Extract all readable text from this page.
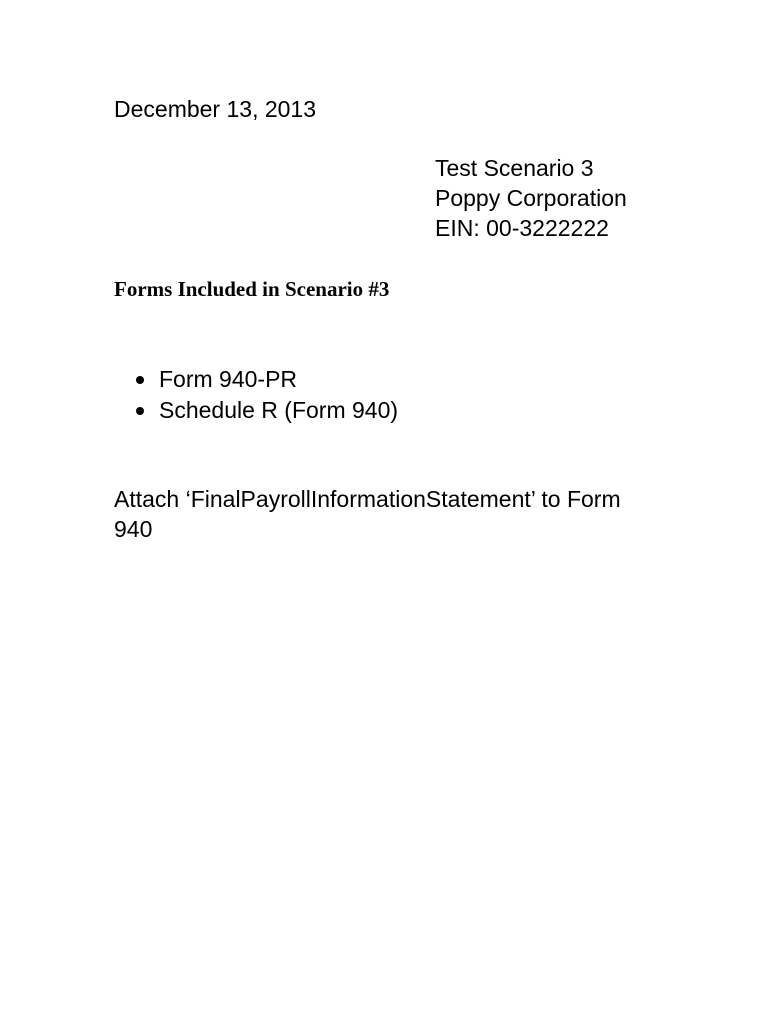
December 13, 2013
Test Scenario 3
Poppy Corporation
EIN: 00-3222222
Forms Included in Scenario #3
Form 940-PR
Schedule R (Form 940)
Attach ‘FinalPayrollInformationStatement’ to Form 940
